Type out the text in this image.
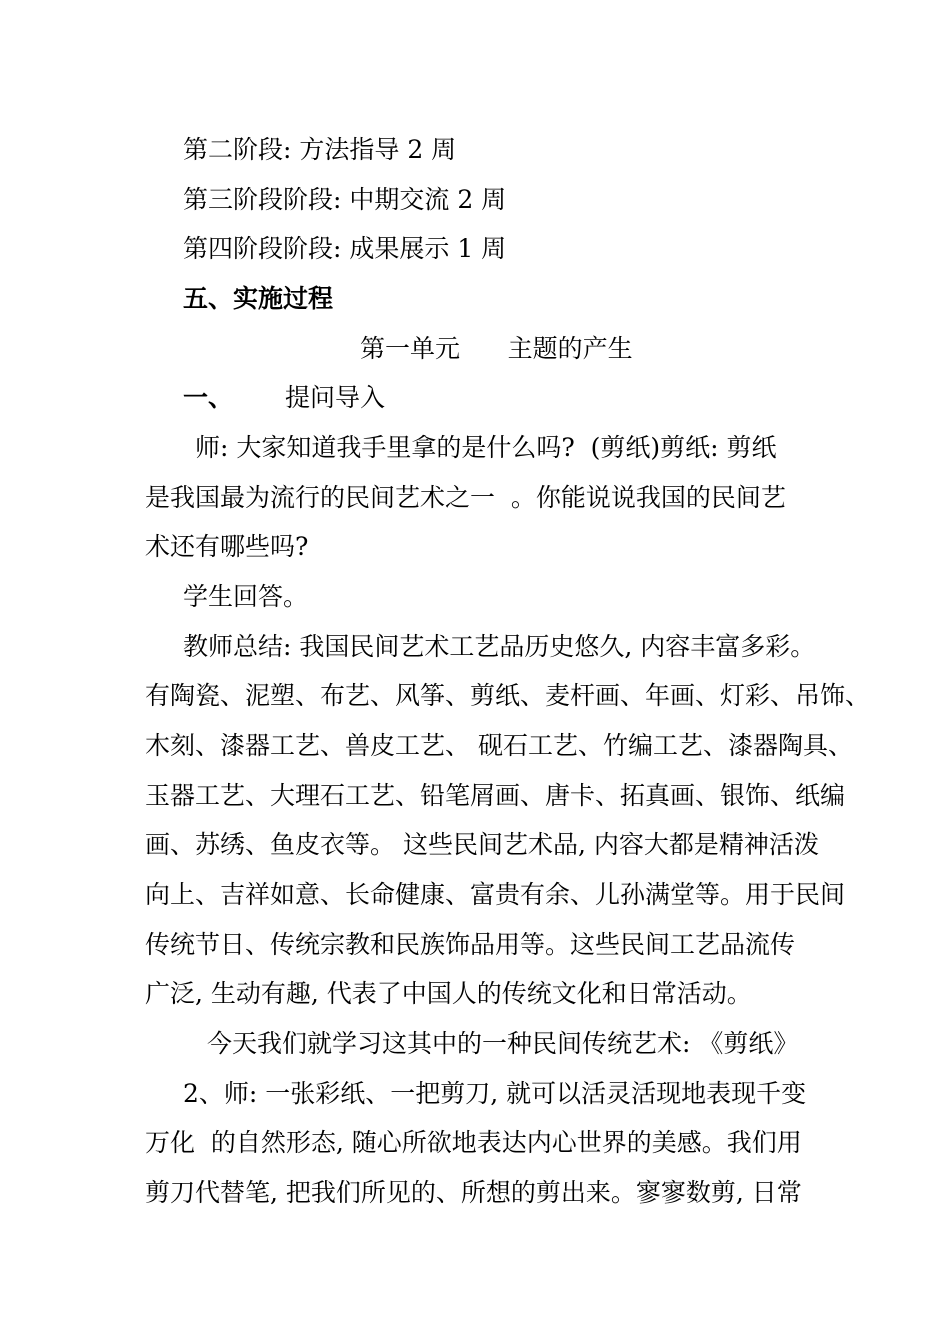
第二阶段: 方法指导 2 周
第三阶段阶段: 中期交流 2 周
第四阶段阶段: 成果展示 1 周
五、实施过程
第一单元      主题的产生
一、 提问导入
师: 大家知道我手里拿的是什么吗?  (剪纸)剪纸: 剪纸
是我国最为流行的民间艺术之一  。你能说说我国的民间艺
术还有哪些吗?
学生回答。
教师总结: 我国民间艺术工艺品历史悠久, 内容丰富多彩。
有陶瓷、泥塑、布艺、风筝、剪纸、麦杆画、年画、灯彩、吊饰、
木刻、漆器工艺、兽皮工艺、 砚石工艺、竹编工艺、漆器陶具、
玉器工艺、大理石工艺、铅笔屑画、唐卡、拓真画、银饰、纸编
画、苏绣、鱼皮衣等。 这些民间艺术品, 内容大都是精神活泼
向上、吉祥如意、长命健康、富贵有余、儿孙满堂等。用于民间
传统节日、传统宗教和民族饰品用等。这些民间工艺品流传
广泛, 生动有趣, 代表了中国人的传统文化和日常活动。
今天我们就学习这其中的一种民间传统艺术: 《剪纸》
2、师: 一张彩纸、一把剪刀, 就可以活灵活现地表现千变
万化  的自然形态, 随心所欲地表达内心世界的美感。我们用
剪刀代替笔, 把我们所见的、所想的剪出来。寥寥数剪, 日常
